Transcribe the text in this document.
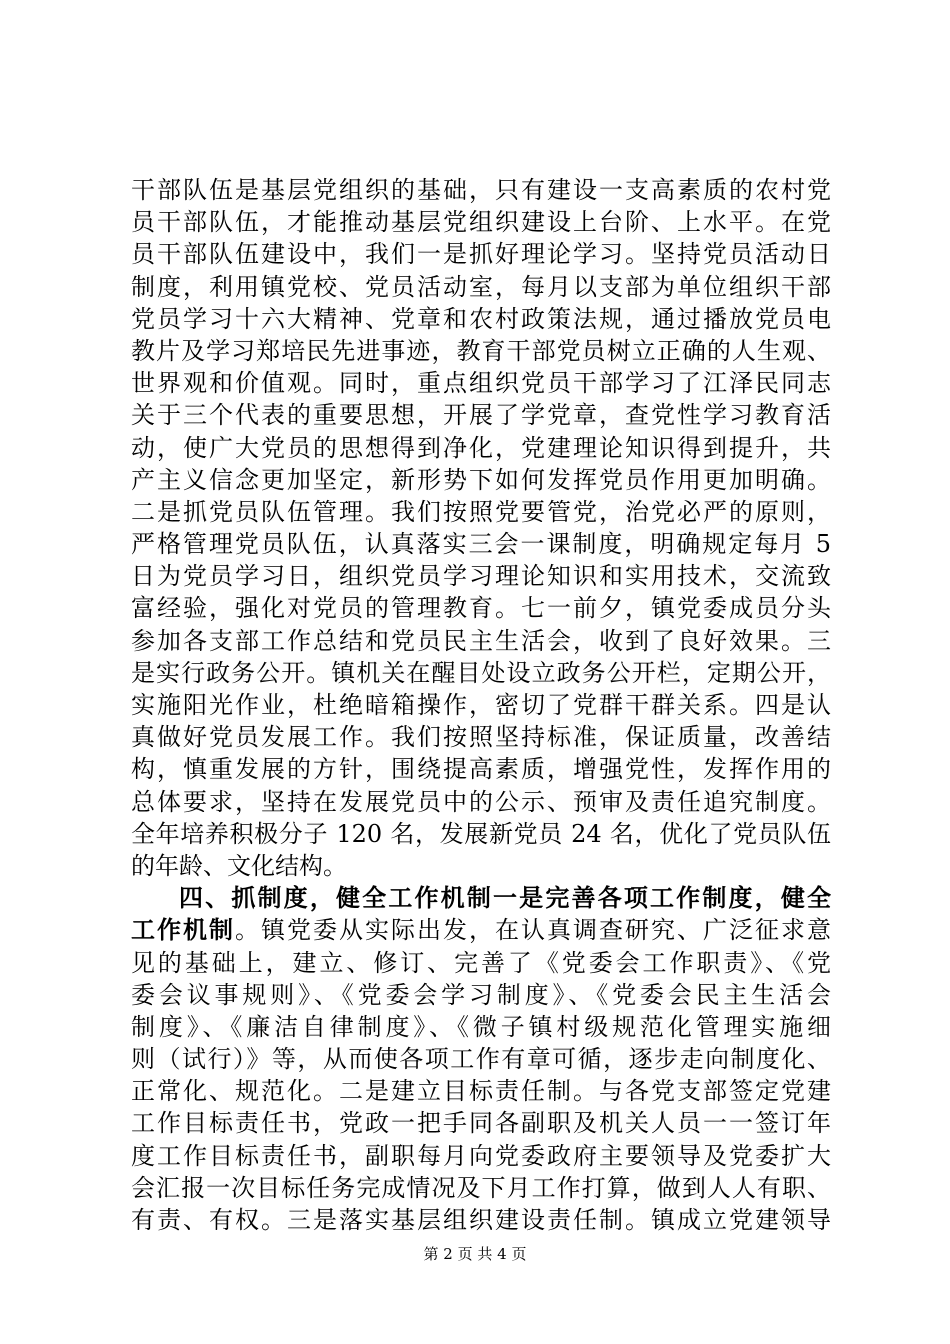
干部队伍是基层党组织的基础，只有建设一支高素质的农村党
员干部队伍，才能推动基层党组织建设上台阶、上水平。在党
员干部队伍建设中，我们一是抓好理论学习。坚持党员活动日
制度，利用镇党校、党员活动室，每月以支部为单位组织干部
党员学习十六大精神、党章和农村政策法规，通过播放党员电
教片及学习郑培民先进事迹，教育干部党员树立正确的人生观、
世界观和价值观。同时，重点组织党员干部学习了江泽民同志
关于三个代表的重要思想，开展了学党章，查党性学习教育活
动，使广大党员的思想得到净化，党建理论知识得到提升，共
产主义信念更加坚定，新形势下如何发挥党员作用更加明确。
二是抓党员队伍管理。我们按照党要管党，治党必严的原则，
严格管理党员队伍，认真落实三会一课制度，明确规定每月 5
日为党员学习日，组织党员学习理论知识和实用技术，交流致
富经验，强化对党员的管理教育。七一前夕，镇党委成员分头
参加各支部工作总结和党员民主生活会，收到了良好效果。三
是实行政务公开。镇机关在醒目处设立政务公开栏，定期公开，
实施阳光作业，杜绝暗箱操作，密切了党群干群关系。四是认
真做好党员发展工作。我们按照坚持标准，保证质量，改善结
构，慎重发展的方针，围绕提高素质，增强党性，发挥作用的
总体要求，坚持在发展党员中的公示、预审及责任追究制度。
全年培养积极分子 120 名，发展新党员 24 名，优化了党员队伍
的年龄、文化结构。
四、抓制度，健全工作机制一是完善各项工作制度，健全
工作机制。镇党委从实际出发，在认真调查研究、广泛征求意
见的基础上，建立、修订、完善了《党委会工作职责》、《党
委会议事规则》、《党委会学习制度》、《党委会民主生活会
制度》、《廉洁自律制度》、《微子镇村级规范化管理实施细
则（试行）》等，从而使各项工作有章可循，逐步走向制度化、
正常化、规范化。二是建立目标责任制。与各党支部签定党建
工作目标责任书，党政一把手同各副职及机关人员一一签订年
度工作目标责任书，副职每月向党委政府主要领导及党委扩大
会汇报一次目标任务完成情况及下月工作打算，做到人人有职、
有责、有权。三是落实基层组织建设责任制。镇成立党建领导
第 2 页 共 4 页
